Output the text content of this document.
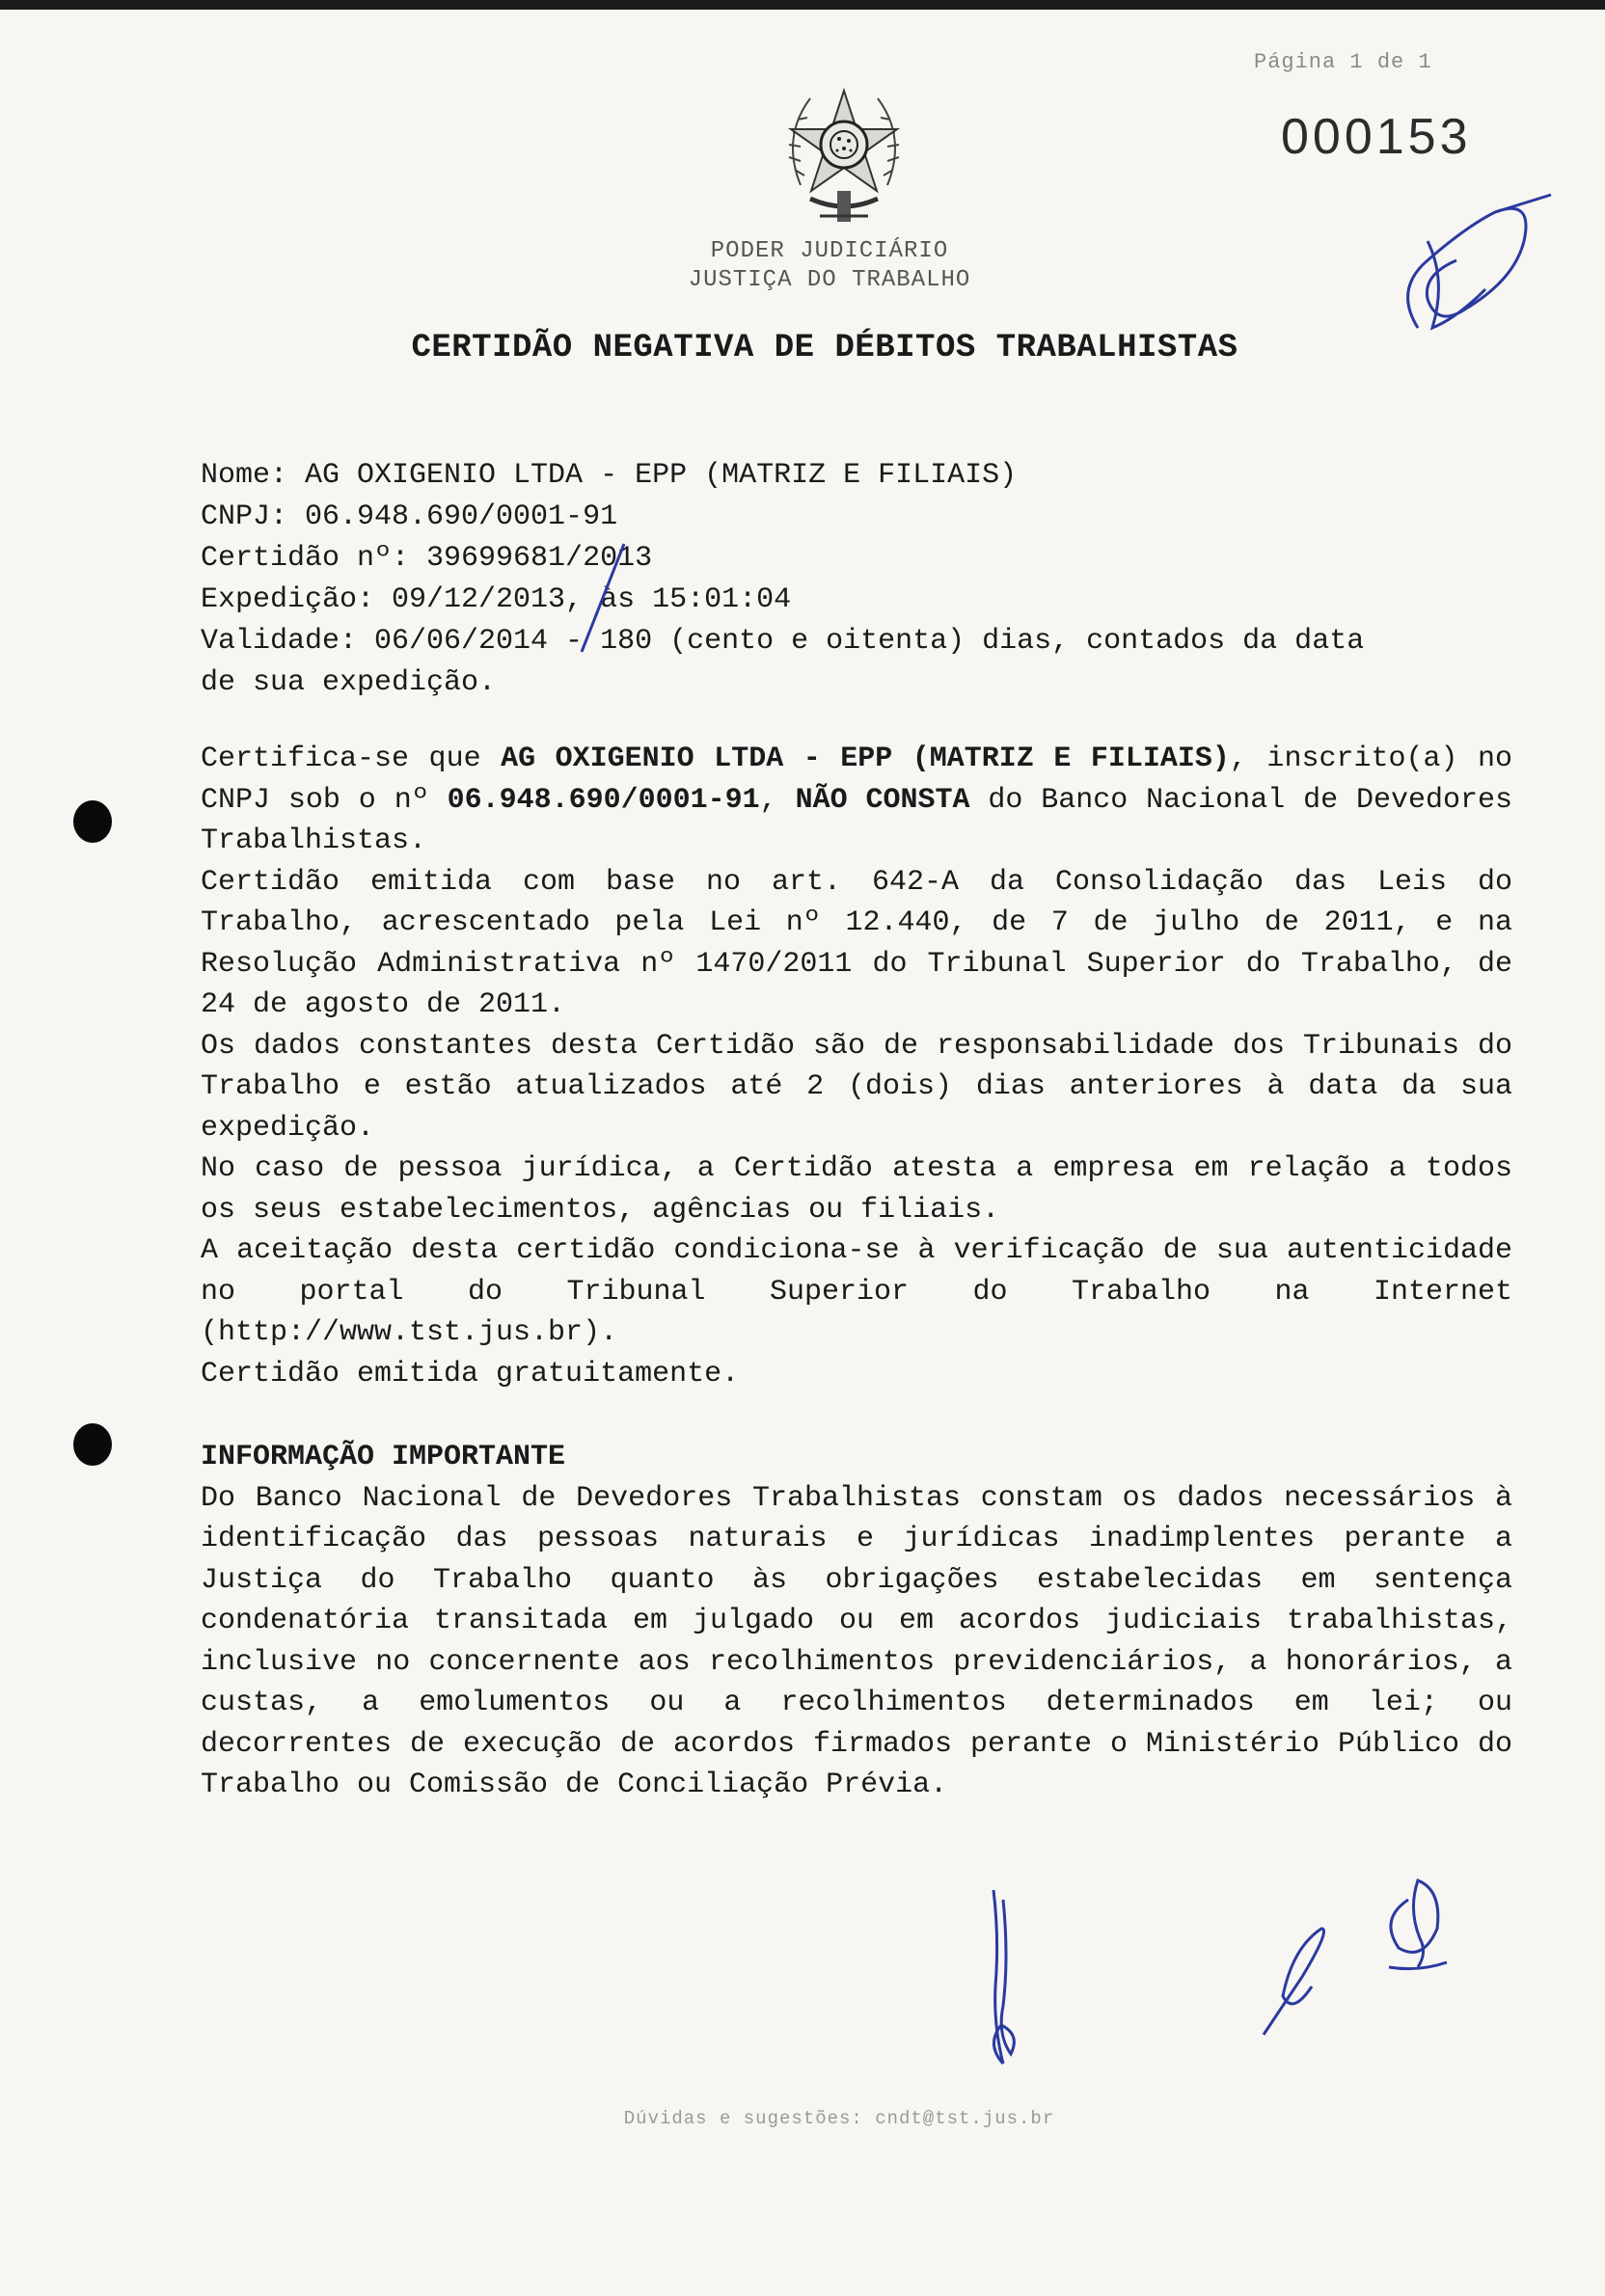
Página 1 de 1
000153
PODER JUDICIÁRIO
JUSTIÇA DO TRABALHO
CERTIDÃO NEGATIVA DE DÉBITOS TRABALHISTAS
Nome: AG OXIGENIO LTDA - EPP (MATRIZ E FILIAIS)
CNPJ: 06.948.690/0001-91
Certidão nº: 39699681/2013
Expedição: 09/12/2013, às 15:01:04
Validade: 06/06/2014 - 180 (cento e oitenta) dias, contados da data
de sua expedição.

Certifica-se que AG OXIGENIO LTDA - EPP (MATRIZ E FILIAIS), inscrito(a) no CNPJ sob o nº 06.948.690/0001-91, NÃO CONSTA do Banco Nacional de Devedores Trabalhistas.

Certidão emitida com base no art. 642-A da Consolidação das Leis do Trabalho, acrescentado pela Lei nº 12.440, de 7 de julho de 2011, e na Resolução Administrativa nº 1470/2011 do Tribunal Superior do Trabalho, de 24 de agosto de 2011.

Os dados constantes desta Certidão são de responsabilidade dos Tribunais do Trabalho e estão atualizados até 2 (dois) dias anteriores à data da sua expedição.

No caso de pessoa jurídica, a Certidão atesta a empresa em relação a todos os seus estabelecimentos, agências ou filiais.

A aceitação desta certidão condiciona-se à verificação de sua autenticidade no portal do Tribunal Superior do Trabalho na Internet (http://www.tst.jus.br).

Certidão emitida gratuitamente.

INFORMAÇÃO IMPORTANTE

Do Banco Nacional de Devedores Trabalhistas constam os dados necessários à identificação das pessoas naturais e jurídicas inadimplentes perante a Justiça do Trabalho quanto às obrigações estabelecidas em sentença condenatória transitada em julgado ou em acordos judiciais trabalhistas, inclusive no concernente aos recolhimentos previdenciários, a honorários, a custas, a emolumentos ou a recolhimentos determinados em lei; ou decorrentes de execução de acordos firmados perante o Ministério Público do Trabalho ou Comissão de Conciliação Prévia.

Dúvidas e sugestões: cndt@tst.jus.br
